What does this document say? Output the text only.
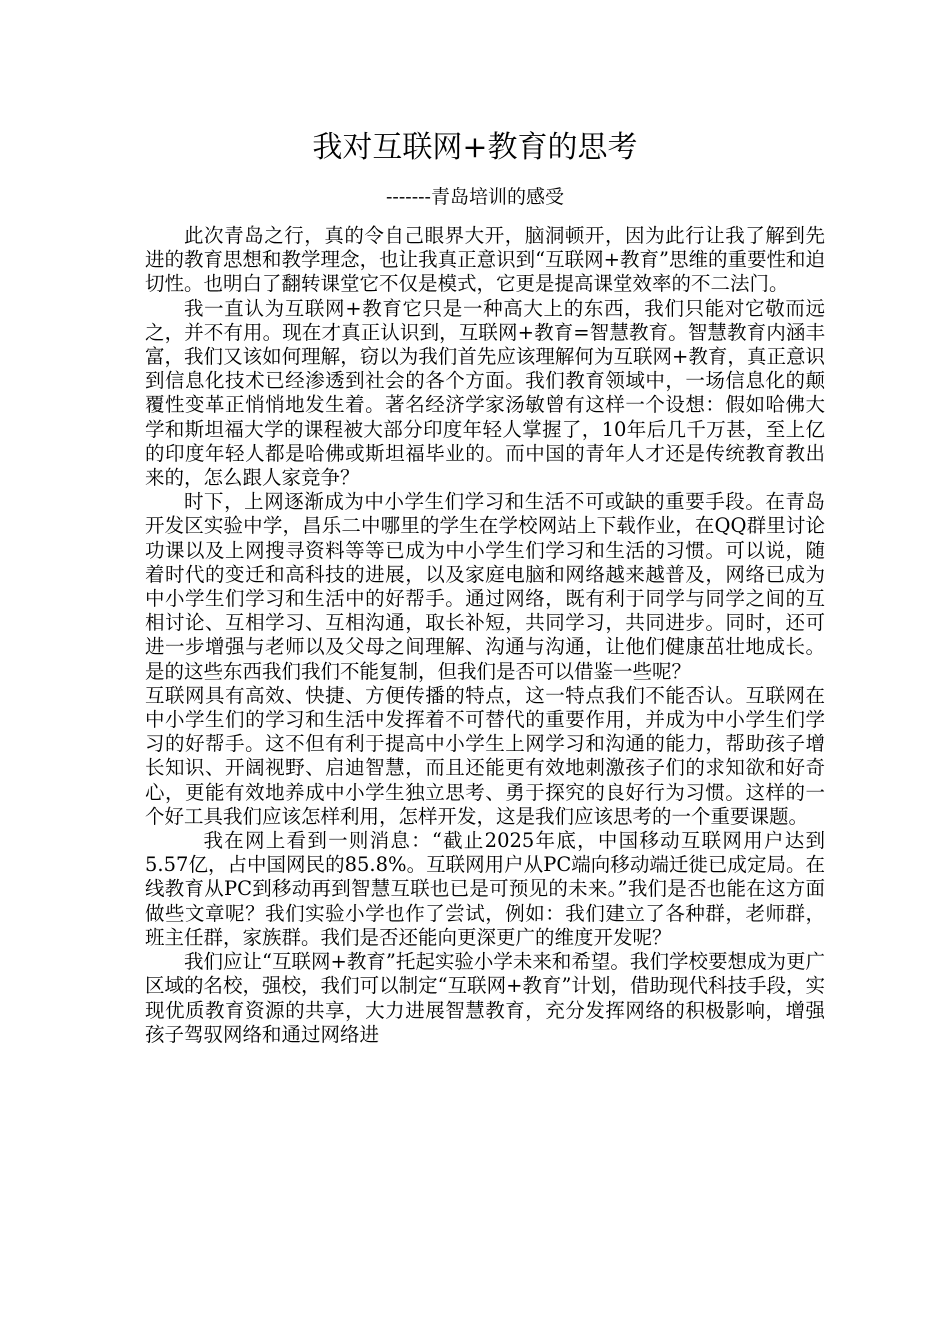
我对互联网+教育的思考
-------青岛培训的感受

此次青岛之行，真的令自己眼界大开，脑洞顿开，因为此行让我了解到先进的教育思想和教学理念，也让我真正意识到“互联网+教育”思维的重要性和迫切性。也明白了翻转课堂它不仅是模式，它更是提高课堂效率的不二法门。

我一直认为互联网+教育它只是一种高大上的东西，我们只能对它敬而远之，并不有用。现在才真正认识到，互联网+教育=智慧教育。智慧教育内涵丰富，我们又该如何理解，窃以为我们首先应该理解何为互联网+教育，真正意识到信息化技术已经渗透到社会的各个方面。我们教育领域中，一场信息化的颠覆性变革正悄悄地发生着。著名经济学家汤敏曾有这样一个设想：假如哈佛大学和斯坦福大学的课程被大部分印度年轻人掌握了，10年后几千万甚，至上亿的印度年轻人都是哈佛或斯坦福毕业的。而中国的青年人才还是传统教育教出来的，怎么跟人家竞争？

时下，上网逐渐成为中小学生们学习和生活不可或缺的重要手段。在青岛开发区实验中学，昌乐二中哪里的学生在学校网站上下载作业，在QQ群里讨论功课以及上网搜寻资料等等已成为中小学生们学习和生活的习惯。可以说，随着时代的变迁和高科技的进展，以及家庭电脑和网络越来越普及，网络已成为中小学生们学习和生活中的好帮手。通过网络，既有利于同学与同学之间的互相讨论、互相学习、互相沟通，取长补短，共同学习，共同进步。同时，还可进一步增强与老师以及父母之间理解、沟通与沟通，让他们健康茁壮地成长。是的这些东西我们我们不能复制，但我们是否可以借鉴一些呢？

互联网具有高效、快捷、方便传播的特点，这一特点我们不能否认。互联网在中小学生们的学习和生活中发挥着不可替代的重要作用，并成为中小学生们学习的好帮手。这不但有利于提高中小学生上网学习和沟通的能力，帮助孩子增长知识、开阔视野、启迪智慧，而且还能更有效地刺激孩子们的求知欲和好奇心，更能有效地养成中小学生独立思考、勇于探究的良好行为习惯。这样的一个好工具我们应该怎样利用，怎样开发，这是我们应该思考的一个重要课题。

我在网上看到一则消息：“截止2025年底，中国移动互联网用户达到5.57亿，占中国网民的85.8%。互联网用户从PC端向移动端迁徙已成定局。在线教育从PC到移动再到智慧互联也已是可预见的未来。”我们是否也能在这方面做些文章呢？我们实验小学也作了尝试，例如：我们建立了各种群，老师群，班主任群，家族群。我们是否还能向更深更广的维度开发呢？

我们应让“互联网+教育”托起实验小学未来和希望。我们学校要想成为更广区域的名校，强校，我们可以制定“互联网+教育”计划，借助现代科技手段，实现优质教育资源的共享，大力进展智慧教育，充分发挥网络的积极影响，增强孩子驾驭网络和通过网络进
